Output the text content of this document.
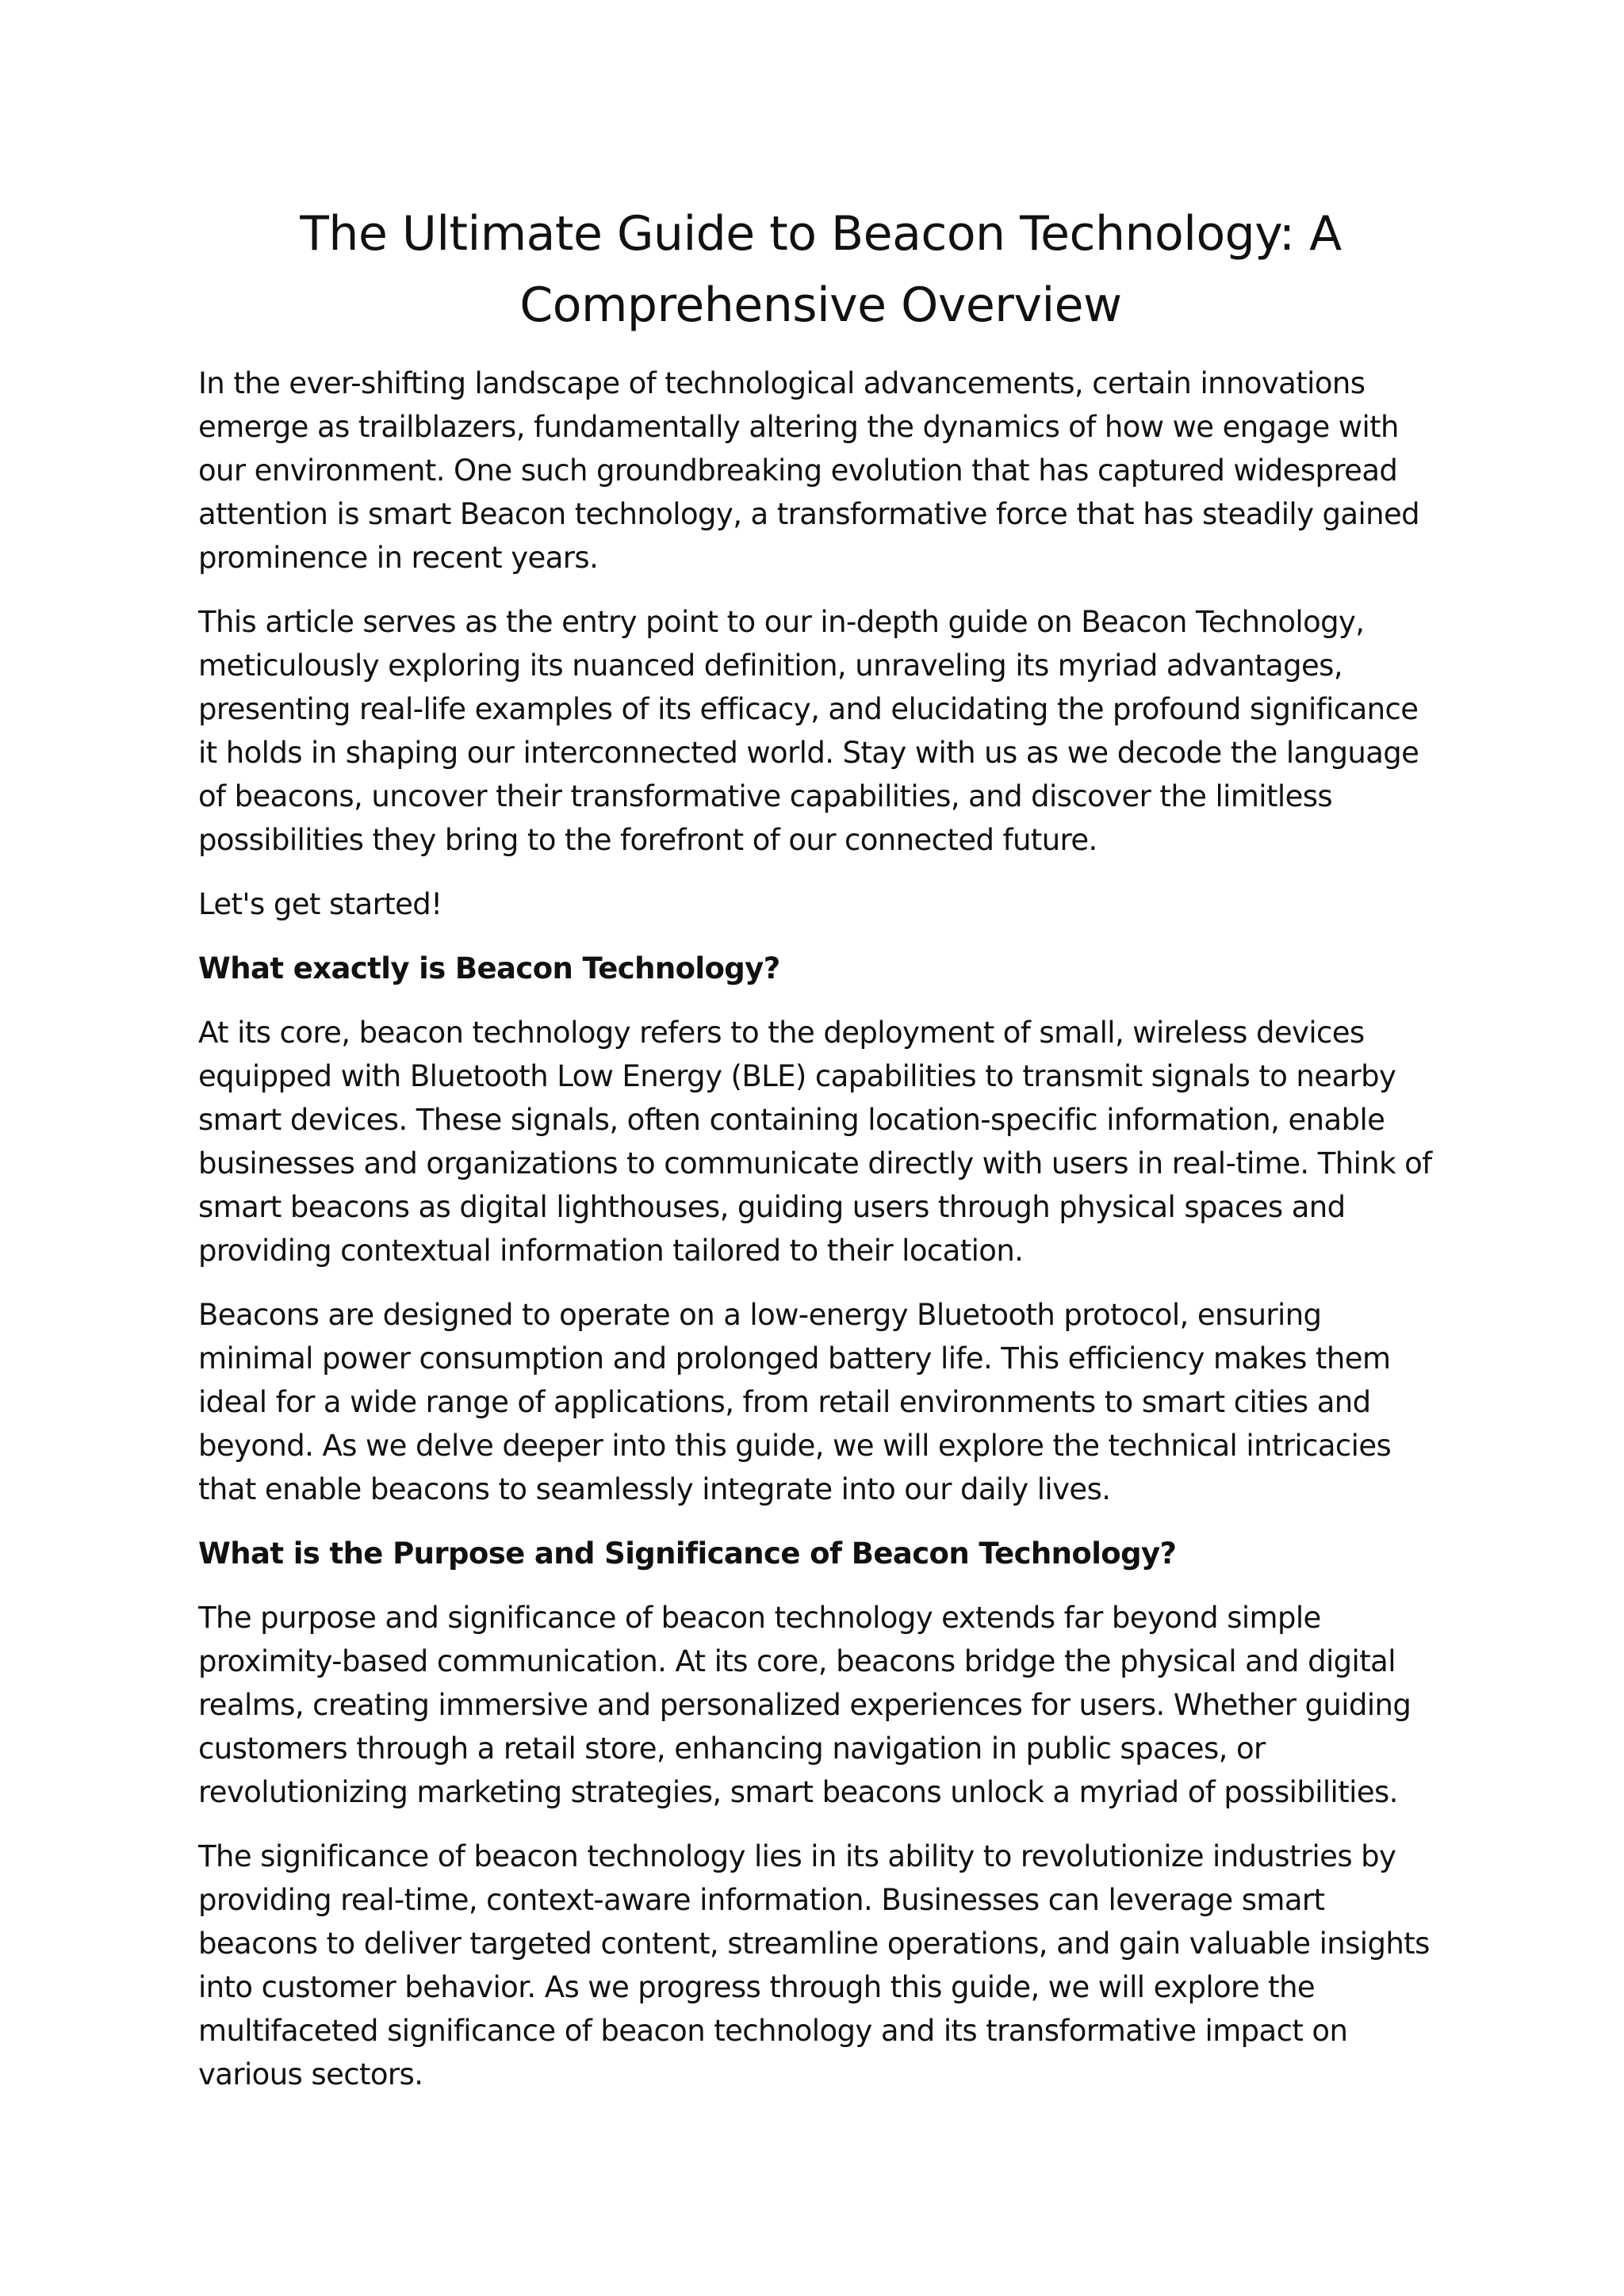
The Ultimate Guide to Beacon Technology: A Comprehensive Overview

In the ever-shifting landscape of technological advancements, certain innovations emerge as trailblazers, fundamentally altering the dynamics of how we engage with our environment. One such groundbreaking evolution that has captured widespread attention is smart Beacon technology, a transformative force that has steadily gained prominence in recent years.

This article serves as the entry point to our in-depth guide on Beacon Technology, meticulously exploring its nuanced definition, unraveling its myriad advantages, presenting real-life examples of its efficacy, and elucidating the profound significance it holds in shaping our interconnected world. Stay with us as we decode the language of beacons, uncover their transformative capabilities, and discover the limitless possibilities they bring to the forefront of our connected future.

Let's get started!

What exactly is Beacon Technology?

At its core, beacon technology refers to the deployment of small, wireless devices equipped with Bluetooth Low Energy (BLE) capabilities to transmit signals to nearby smart devices. These signals, often containing location-specific information, enable businesses and organizations to communicate directly with users in real-time. Think of smart beacons as digital lighthouses, guiding users through physical spaces and providing contextual information tailored to their location.

Beacons are designed to operate on a low-energy Bluetooth protocol, ensuring minimal power consumption and prolonged battery life. This efficiency makes them ideal for a wide range of applications, from retail environments to smart cities and beyond. As we delve deeper into this guide, we will explore the technical intricacies that enable beacons to seamlessly integrate into our daily lives.

What is the Purpose and Significance of Beacon Technology?

The purpose and significance of beacon technology extends far beyond simple proximity-based communication. At its core, beacons bridge the physical and digital realms, creating immersive and personalized experiences for users. Whether guiding customers through a retail store, enhancing navigation in public spaces, or revolutionizing marketing strategies, smart beacons unlock a myriad of possibilities.

The significance of beacon technology lies in its ability to revolutionize industries by providing real-time, context-aware information. Businesses can leverage smart beacons to deliver targeted content, streamline operations, and gain valuable insights into customer behavior. As we progress through this guide, we will explore the multifaceted significance of beacon technology and its transformative impact on various sectors.
